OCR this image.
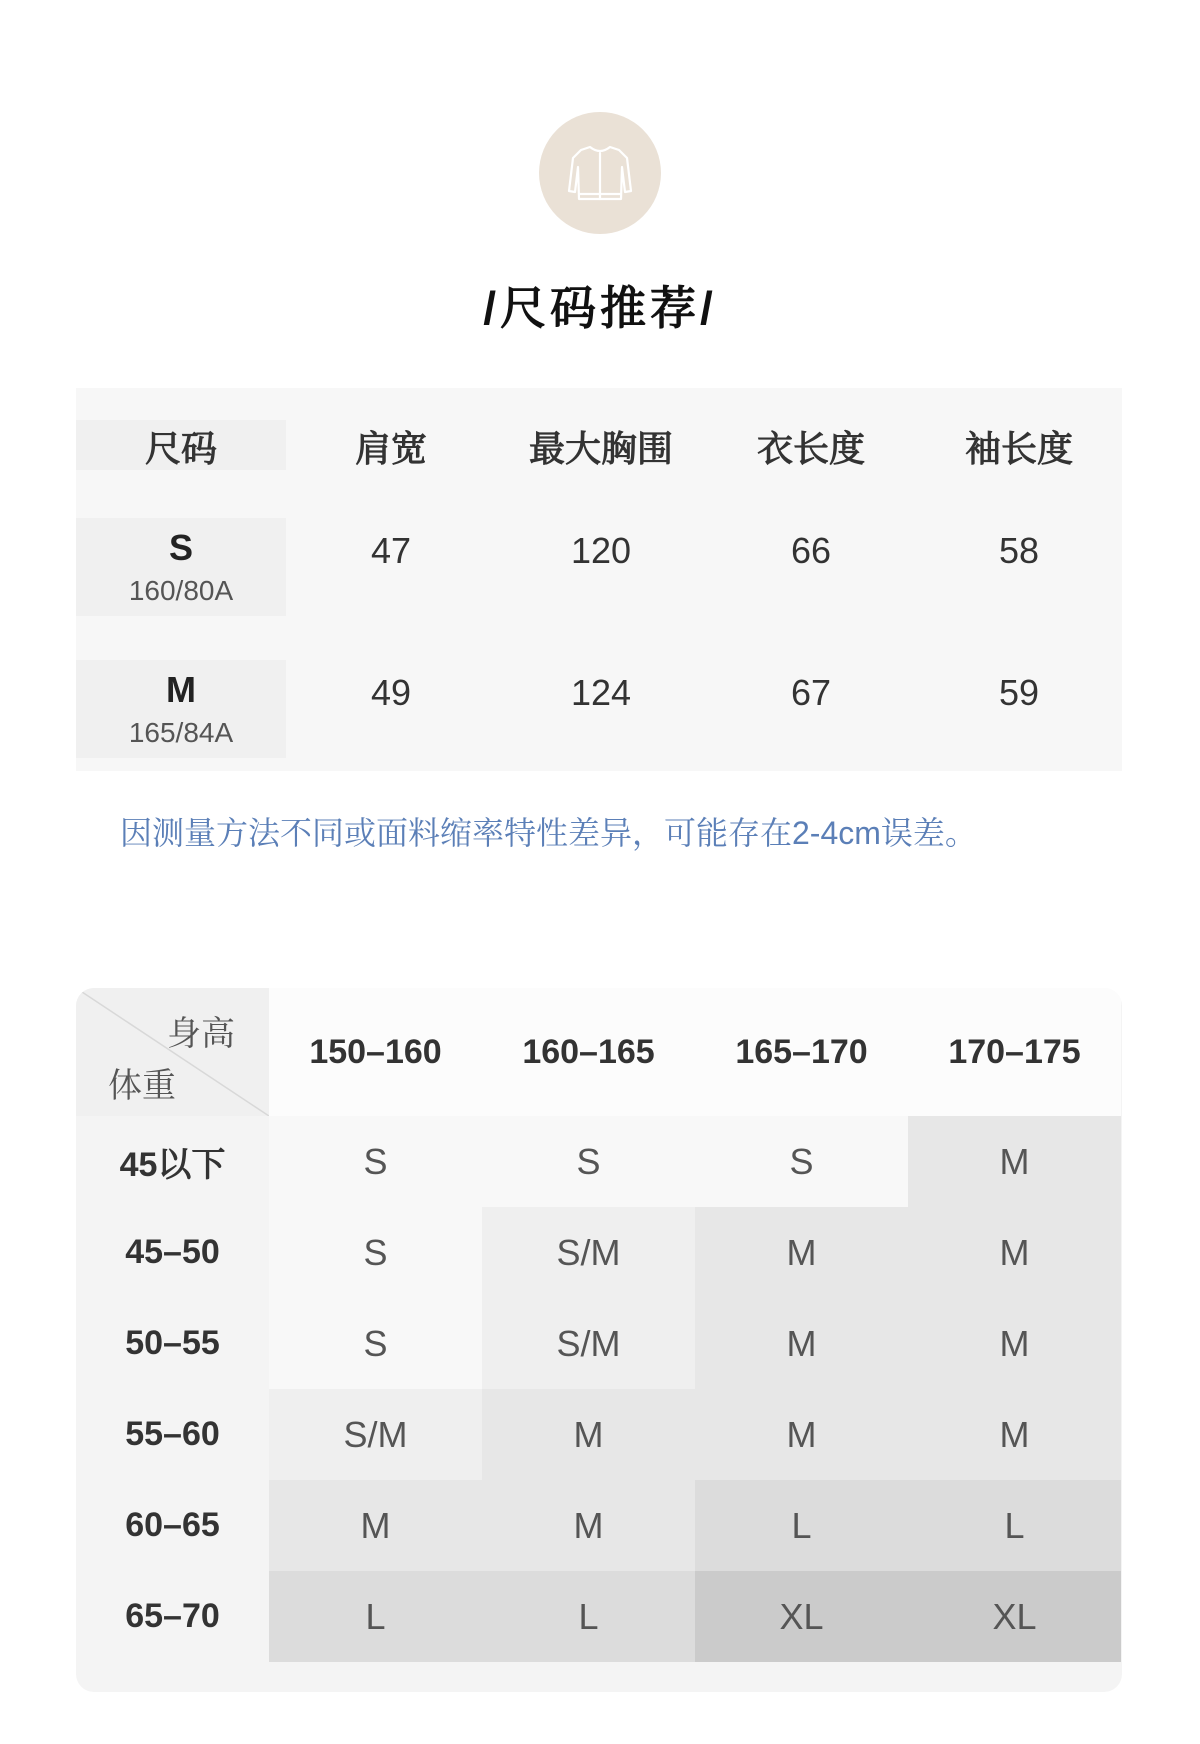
/尺码推荐/
尺码	肩宽	最大胸围	衣长度	袖长度
S
160/80A
47	120	66	58
M
165/84A
49	124	67	59
因测量方法不同或面料缩率特性差异，可能存在2-4cm误差。
身高
体重
150–160	160–165	165–170	170–175
45以下	S	S	S	M
45–50	S	S/M	M	M
50–55	S	S/M	M	M
55–60	S/M	M	M	M
60–65	M	M	L	L
65–70	L	L	XL	XL
